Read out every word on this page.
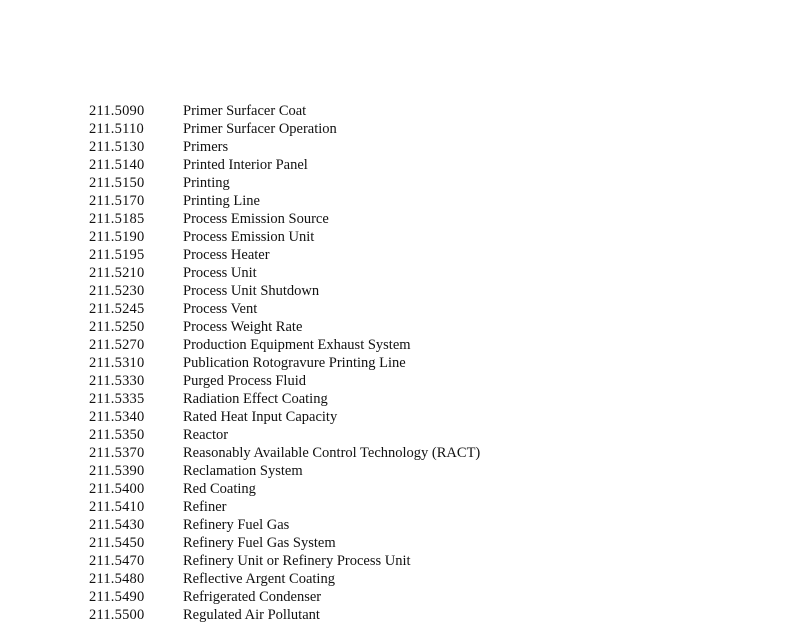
211.5090	Primer Surfacer Coat
211.5110	Primer Surfacer Operation
211.5130	Primers
211.5140	Printed Interior Panel
211.5150	Printing
211.5170	Printing Line
211.5185	Process Emission Source
211.5190	Process Emission Unit
211.5195	Process Heater
211.5210	Process Unit
211.5230	Process Unit Shutdown
211.5245	Process Vent
211.5250	Process Weight Rate
211.5270	Production Equipment Exhaust System
211.5310	Publication Rotogravure Printing Line
211.5330	Purged Process Fluid
211.5335	Radiation Effect Coating
211.5340	Rated Heat Input Capacity
211.5350	Reactor
211.5370	Reasonably Available Control Technology (RACT)
211.5390	Reclamation System
211.5400	Red Coating
211.5410	Refiner
211.5430	Refinery Fuel Gas
211.5450	Refinery Fuel Gas System
211.5470	Refinery Unit or Refinery Process Unit
211.5480	Reflective Argent Coating
211.5490	Refrigerated Condenser
211.5500	Regulated Air Pollutant
